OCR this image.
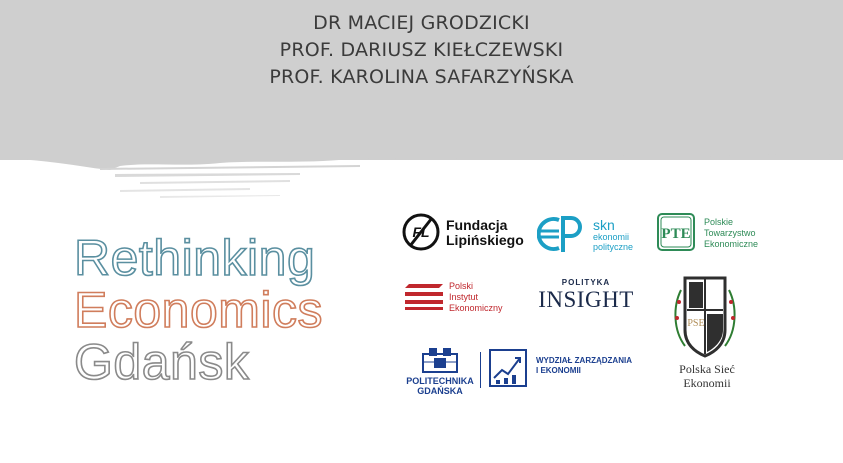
DR MACIEJ GRODZICKI
PROF. DARIUSZ KIEŁCZEWSKI
PROF. KAROLINA SAFARZYŃSKA
Rethinking
Economics
Gdańsk
FL Fundacja
Lipińskiego
skn
ekonomii
polityczne
PTE
Polskie
Towarzystwo
Ekonomiczne
Polski
Instytut
Ekonomiczny
POLITYKA
INSIGHT
POLITECHNIKA
GDAŃSKA
WYDZIAŁ ZARZĄDZANIA
I EKONOMII
PSE
Polska Sieć
Ekonomii
